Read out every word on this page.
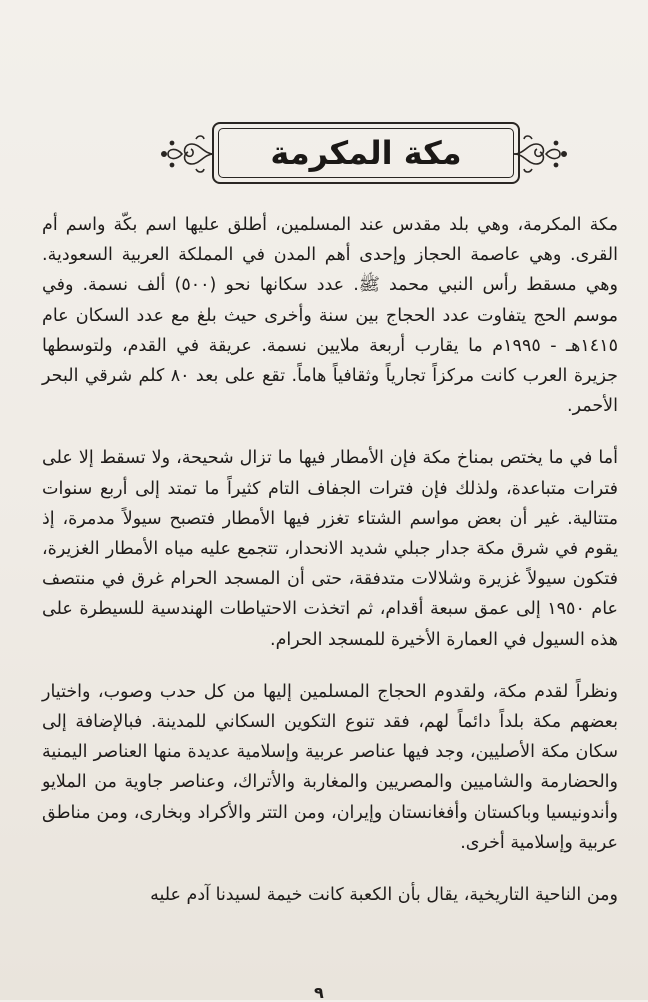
مكة المكرمة

مكة المكرمة، وهي بلد مقدس عند المسلمين، أطلق عليها اسم بكّة واسم أم القرى. وهي عاصمة الحجاز وإحدى أهم المدن في المملكة العربية السعودية. وهي مسقط رأس النبي محمد ﷺ. عدد سكانها نحو (٥٠٠) ألف نسمة. وفي موسم الحج يتفاوت عدد الحجاج بين سنة وأخرى حيث بلغ مع عدد السكان عام ١٤١٥هـ - ١٩٩٥م ما يقارب أربعة ملايين نسمة. عريقة في القدم، ولتوسطها جزيرة العرب كانت مركزاً تجارياً وثقافياً هاماً. تقع على بعد ٨٠ كلم شرقي البحر الأحمر.

أما في ما يختص بمناخ مكة فإن الأمطار فيها ما تزال شحيحة، ولا تسقط إلا على فترات متباعدة، ولذلك فإن فترات الجفاف التام كثيراً ما تمتد إلى أربع سنوات متتالية. غير أن بعض مواسم الشتاء تغزر فيها الأمطار فتصبح سيولاً مدمرة، إذ يقوم في شرق مكة جدار جبلي شديد الانحدار، تتجمع عليه مياه الأمطار الغزيرة، فتكون سيولاً غزيرة وشلالات متدفقة، حتى أن المسجد الحرام غرق في منتصف عام ١٩٥٠ إلى عمق سبعة أقدام، ثم اتخذت الاحتياطات الهندسية للسيطرة على هذه السيول في العمارة الأخيرة للمسجد الحرام.

ونظراً لقدم مكة، ولقدوم الحجاج المسلمين إليها من كل حدب وصوب، واختيار بعضهم مكة بلداً دائماً لهم، فقد تنوع التكوين السكاني للمدينة. فبالإضافة إلى سكان مكة الأصليين، وجد فيها عناصر عربية وإسلامية عديدة منها العناصر اليمنية والحضارمة والشاميين والمصريين والمغاربة والأتراك، وعناصر جاوية من الملايو وأندونيسيا وباكستان وأفغانستان وإيران، ومن التتر والأكراد وبخارى، ومن مناطق عربية وإسلامية أخرى.

ومن الناحية التاريخية، يقال بأن الكعبة كانت خيمة لسيدنا آدم عليه

٩
